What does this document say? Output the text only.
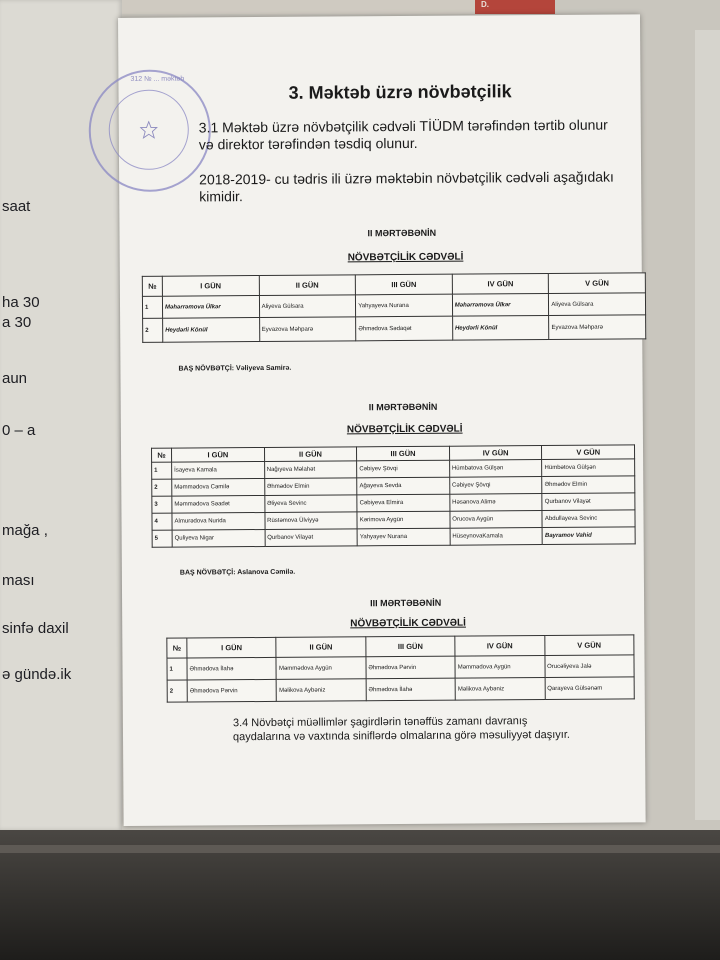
D.
saat
ha 30
a 30
aun
0 – a
mağa ,
ması
sinfə daxil
ə gündə.ik
312 № ... məktəb
3. Məktəb üzrə növbətçilik
3.1 Məktəb üzrə növbətçilik cədvəli TİÜDM tərəfindən tərtib olunur
və direktor tərəfindən təsdiq olunur.
2018-2019- cu tədris ili üzrə məktəbin növbətçilik cədvəli aşağıdakı
kimidir.
II MƏRTƏBƏNİN
NÖVBƏTÇİLİK CƏDVƏLİ
№	I GÜN	II GÜN	III GÜN	IV GÜN	V GÜN
1	Məhərrəmova Ülkər	Aliyeva Gülsara	Yahyayeva Nurana	Məhərrəmova Ülkər	Aliyeva Gülsara
2	Heydərli Könül	Eyvazova Məhparə	Əhmədova Sədaqət	Heydərli Könül	Eyvazova Məhparə
BAŞ NÖVBƏTÇİ: Vəliyeva Samirə.
II MƏRTƏBƏNİN
NÖVBƏTÇİLİK CƏDVƏLİ
№	I GÜN	II GÜN	III GÜN	IV GÜN	V GÜN
1	İsayeva Kamala	Nağıyeva Məlahət	Cəbiyev Şövqi	Hümbətova Gülşən	Hümbətova Gülşən
2	Məmmədova Cəmilə	Əhmədov Elmin	Ağayeva Sevda	Cəbiyev Şövqi	Əhmədov Elmin
3	Məmmədova Səadət	Əliyeva Sevinc	Cəbiyeva Elmira	Həsənova Alimə	Qurbanov Vilayət
4	Almurədova Nurida	Rüstəmova Ülviyyə	Kərimova Aygün	Orucova Aygün	Abdullayeva Sevinc
5	Quliyeva Nigar	Qurbanov Vilayət	Yahyayev Nurana	HüseynovaKamala	Bayramov Vahid
BAŞ NÖVBƏTÇİ: Aslanova Cəmilə.
III MƏRTƏBƏNİN
NÖVBƏTÇİLİK CƏDVƏLİ
№	I GÜN	II GÜN	III GÜN	IV GÜN	V GÜN
1	Əhmədova İlahə	Məmmədova Aygün	Əhmədova Pərvin	Məmmədova Aygün	Orucəliyeva Jalə
2	Əhmədova Pərvin	Məlikova Aybəniz	Əhmədova İlahə	Məlikova Aybəniz	Qarayeva Gülsənəm
3.4 Növbətçi müəllimlər şagirdlərin tənəffüs zamanı davranış
qaydalarına və vaxtında siniflərdə olmalarına görə məsuliyyət daşıyır.
